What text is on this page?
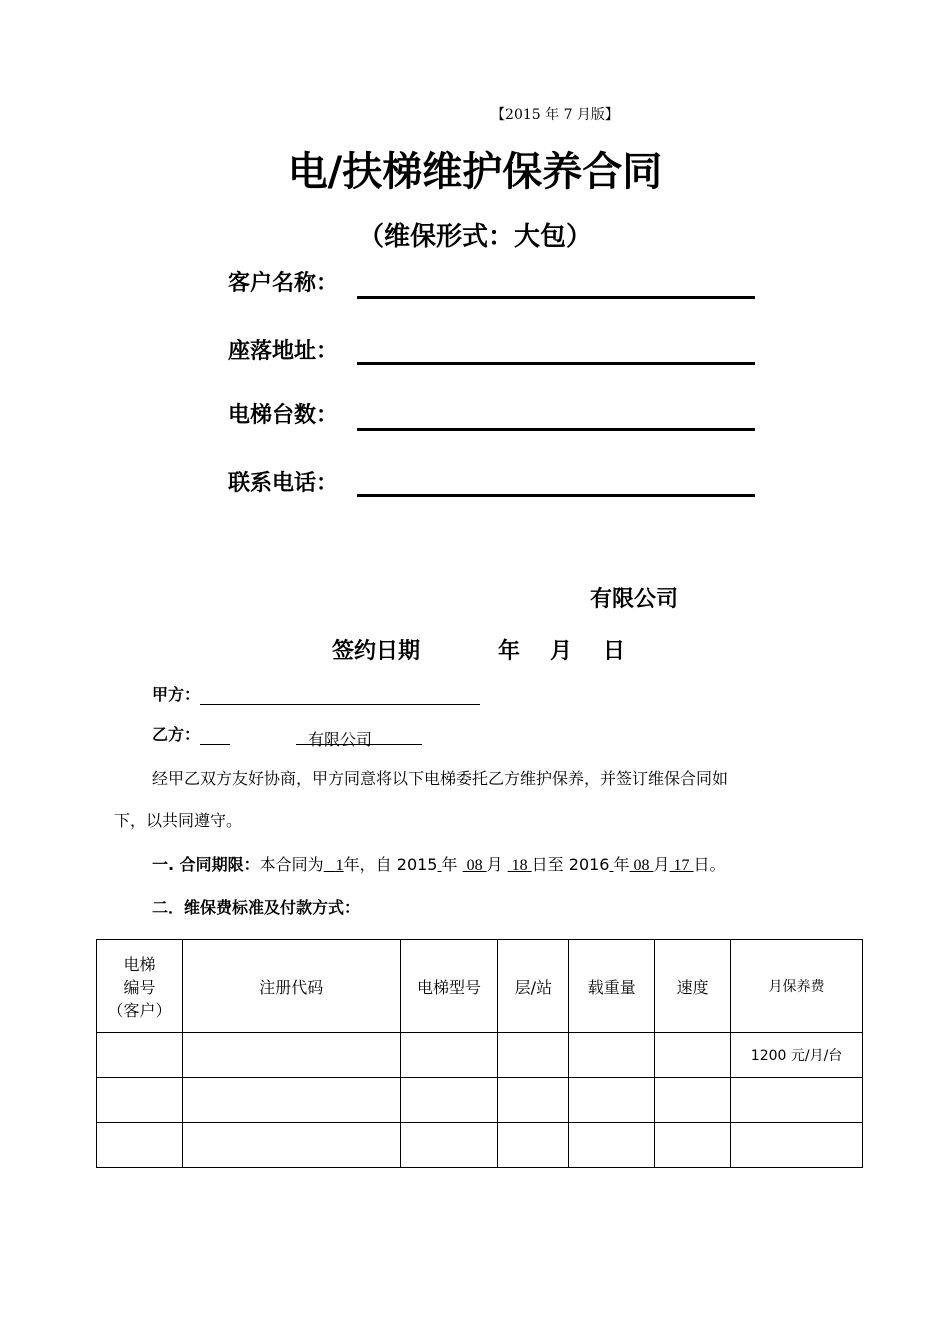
【2015 年 7 月版】
电/扶梯维护保养合同
（维保形式：大包）
客户名称：
座落地址：
电梯台数：
联系电话：
有限公司
签约日期	年 月 日
甲方：
乙方：	有限公司
经甲乙双方友好协商，甲方同意将以下电梯委托乙方维护保养，并签订维保合同如
下，以共同遵守。
一. 合同期限：本合同为 1年，自 2015 年  08 月  18 日至 2016 年 08 月 17 日。
二．维保费标准及付款方式：
电梯
编号
（客户）	注册代码	电梯型号	层/站	载重量	速度	月保养费
						1200 元/月/台
